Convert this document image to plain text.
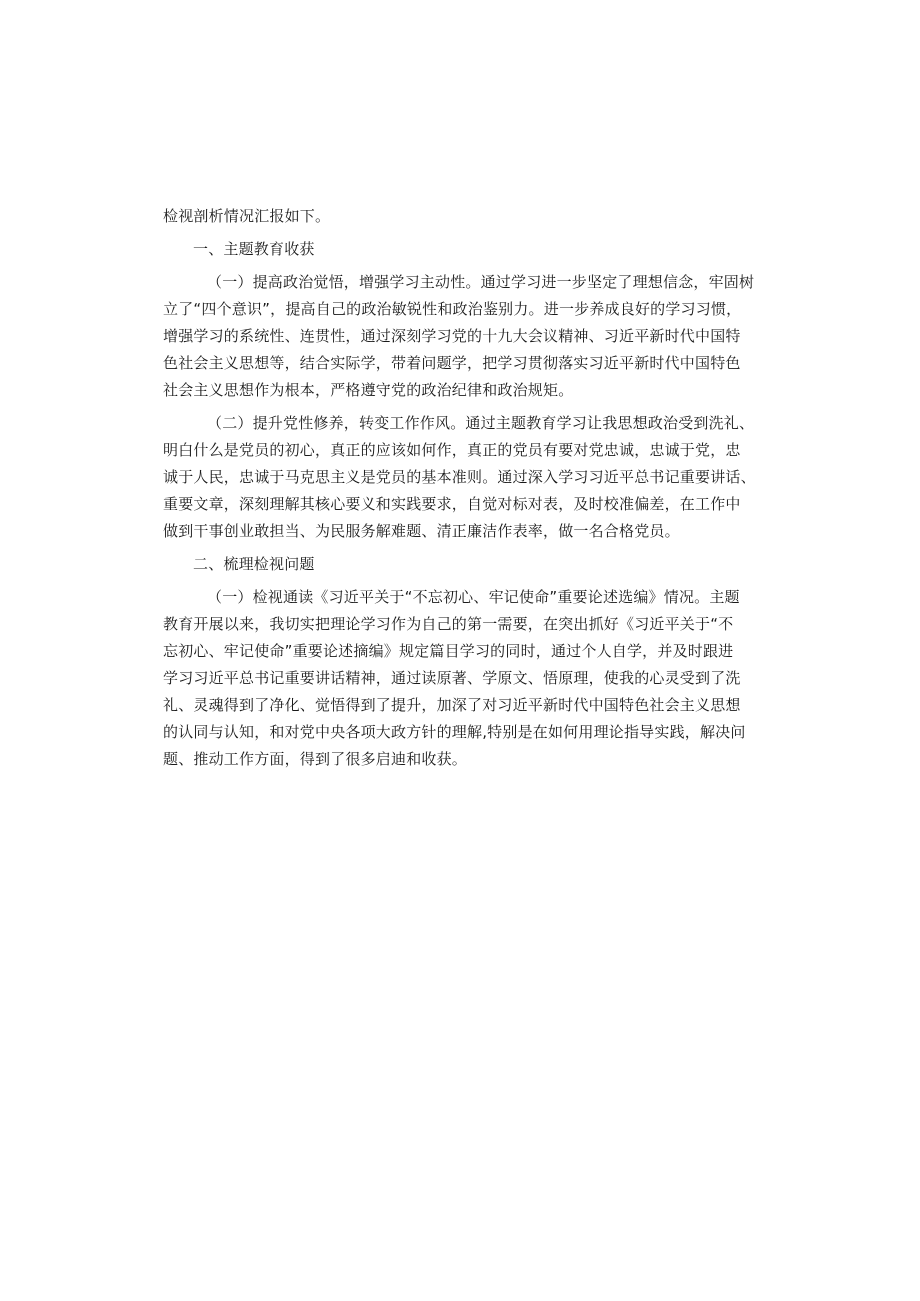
检视剖析情况汇报如下。
一、主题教育收获
（一）提高政治觉悟，增强学习主动性。通过学习进一步坚定了理想信念，牢固树
立了“四个意识”，提高自己的政治敏锐性和政治鉴别力。进一步养成良好的学习习惯，
增强学习的系统性、连贯性，通过深刻学习党的十九大会议精神、习近平新时代中国特
色社会主义思想等，结合实际学，带着问题学，把学习贯彻落实习近平新时代中国特色
社会主义思想作为根本，严格遵守党的政治纪律和政治规矩。
（二）提升党性修养，转变工作作风。通过主题教育学习让我思想政治受到洗礼、
明白什么是党员的初心，真正的应该如何作，真正的党员有要对党忠诚，忠诚于党，忠
诚于人民，忠诚于马克思主义是党员的基本准则。通过深入学习习近平总书记重要讲话、
重要文章，深刻理解其核心要义和实践要求，自觉对标对表，及时校准偏差，在工作中
做到干事创业敢担当、为民服务解难题、清正廉洁作表率，做一名合格党员。
二、梳理检视问题
（一）检视通读《习近平关于“不忘初心、牢记使命”重要论述选编》情况。主题
教育开展以来，我切实把理论学习作为自己的第一需要，在突出抓好《习近平关于“不
忘初心、牢记使命”重要论述摘编》规定篇目学习的同时，通过个人自学，并及时跟进
学习习近平总书记重要讲话精神，通过读原著、学原文、悟原理，使我的心灵受到了洗
礼、灵魂得到了净化、觉悟得到了提升，加深了对习近平新时代中国特色社会主义思想
的认同与认知，和对党中央各项大政方针的理解,特别是在如何用理论指导实践，解决问
题、推动工作方面，得到了很多启迪和收获。
